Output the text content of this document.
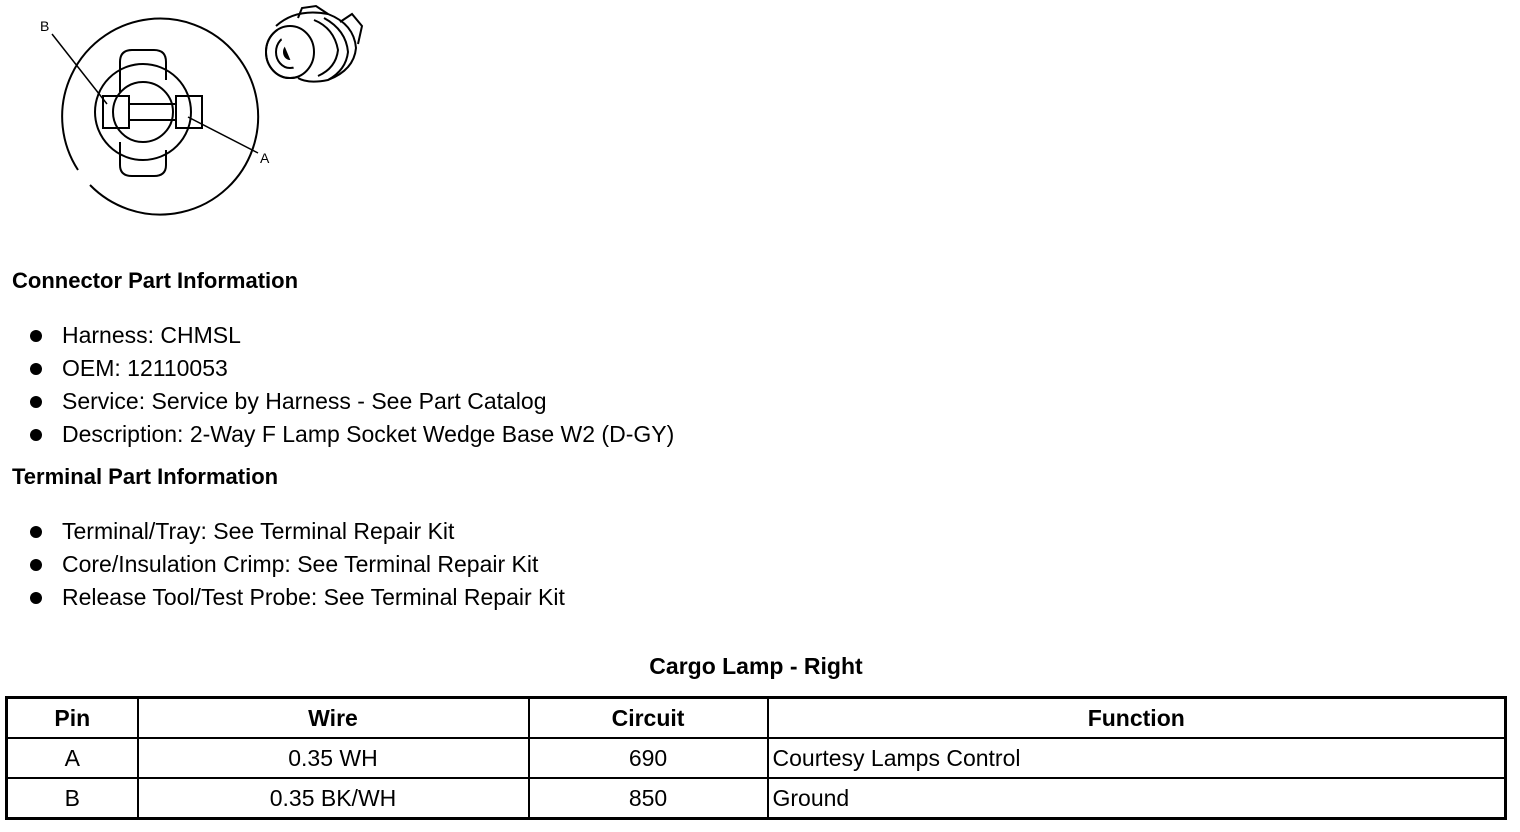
B
A
Connector Part Information
Harness: CHMSL
OEM: 12110053
Service: Service by Harness - See Part Catalog
Description: 2-Way F Lamp Socket Wedge Base W2 (D-GY)
Terminal Part Information
Terminal/Tray: See Terminal Repair Kit
Core/Insulation Crimp: See Terminal Repair Kit
Release Tool/Test Probe: See Terminal Repair Kit
Cargo Lamp - Right
Pin	Wire	Circuit	Function
A	0.35 WH	690	Courtesy Lamps Control
B	0.35 BK/WH	850	Ground
